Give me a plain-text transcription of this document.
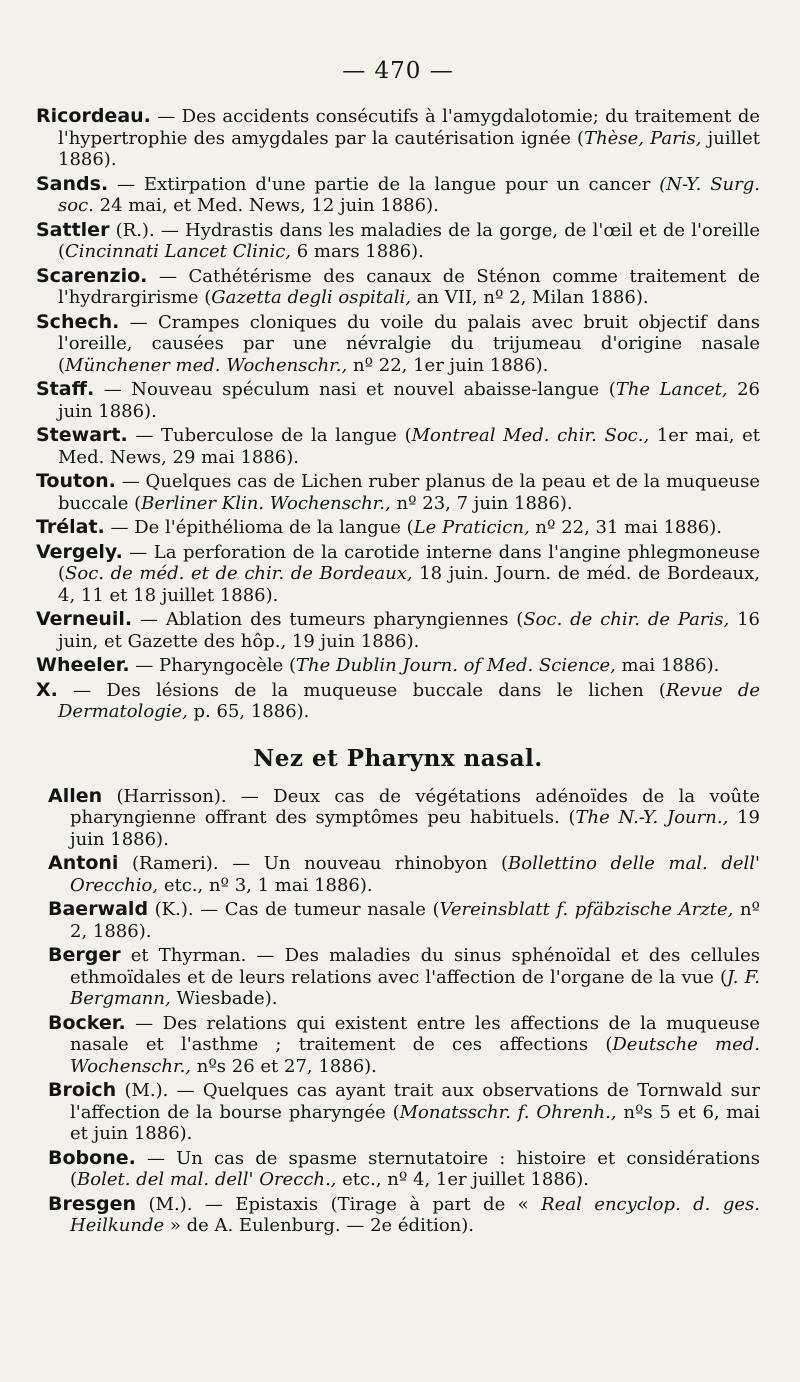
— 470 —

Ricordeau. — Des accidents consécutifs à l'amygdalotomie; du traitement de l'hypertrophie des amygdales par la cautérisation ignée (Thèse, Paris, juillet 1886).

Sands. — Extirpation d'une partie de la langue pour un cancer (N-Y. Surg. soc. 24 mai, et Med. News, 12 juin 1886).

Sattler (R.). — Hydrastis dans les maladies de la gorge, de l'œil et de l'oreille (Cincinnati Lancet Clinic, 6 mars 1886).

Scarenzio. — Cathétérisme des canaux de Sténon comme traitement de l'hydrargirisme (Gazetta degli ospitali, an VII, nº 2, Milan 1886).

Schech. — Crampes cloniques du voile du palais avec bruit objectif dans l'oreille, causées par une névralgie du trijumeau d'origine nasale (Münchener med. Wochenschr., nº 22, 1er juin 1886).

Staff. — Nouveau spéculum nasi et nouvel abaisse-langue (The Lancet, 26 juin 1886).

Stewart. — Tuberculose de la langue (Montreal Med. chir. Soc., 1er mai, et Med. News, 29 mai 1886).

Touton. — Quelques cas de Lichen ruber planus de la peau et de la muqueuse buccale (Berliner Klin. Wochenschr., nº 23, 7 juin 1886).

Trélat. — De l'épithélioma de la langue (Le Praticicn, nº 22, 31 mai 1886).

Vergely. — La perforation de la carotide interne dans l'angine phlegmoneuse (Soc. de méd. et de chir. de Bordeaux, 18 juin. Journ. de méd. de Bordeaux, 4, 11 et 18 juillet 1886).

Verneuil. — Ablation des tumeurs pharyngiennes (Soc. de chir. de Paris, 16 juin, et Gazette des hôp., 19 juin 1886).

Wheeler. — Pharyngocèle (The Dublin Journ. of Med. Science, mai 1886).

X. — Des lésions de la muqueuse buccale dans le lichen (Revue de Dermatologie, p. 65, 1886).

Nez et Pharynx nasal.

Allen (Harrisson). — Deux cas de végétations adénoïdes de la voûte pharyngienne offrant des symptômes peu habituels. (The N.-Y. Journ., 19 juin 1886).

Antoni (Rameri). — Un nouveau rhinobyon (Bollettino delle mal. dell' Orecchio, etc., nº 3, 1 mai 1886).

Baerwald (K.). — Cas de tumeur nasale (Vereinsblatt f. pfäbzische Arzte, nº 2, 1886).

Berger et Thyrman. — Des maladies du sinus sphénoïdal et des cellules ethmoïdales et de leurs relations avec l'affection de l'organe de la vue (J. F. Bergmann, Wiesbade).

Bocker. — Des relations qui existent entre les affections de la muqueuse nasale et l'asthme ; traitement de ces affections (Deutsche med. Wochenschr., nºs 26 et 27, 1886).

Broich (M.). — Quelques cas ayant trait aux observations de Tornwald sur l'affection de la bourse pharyngée (Monatsschr. f. Ohrenh., nºs 5 et 6, mai et juin 1886).

Bobone. — Un cas de spasme sternutatoire : histoire et considérations (Bolet. del mal. dell' Orecch., etc., nº 4, 1er juillet 1886).

Bresgen (M.). — Epistaxis (Tirage à part de « Real encyclop. d. ges. Heilkunde » de A. Eulenburg. — 2e édition).
